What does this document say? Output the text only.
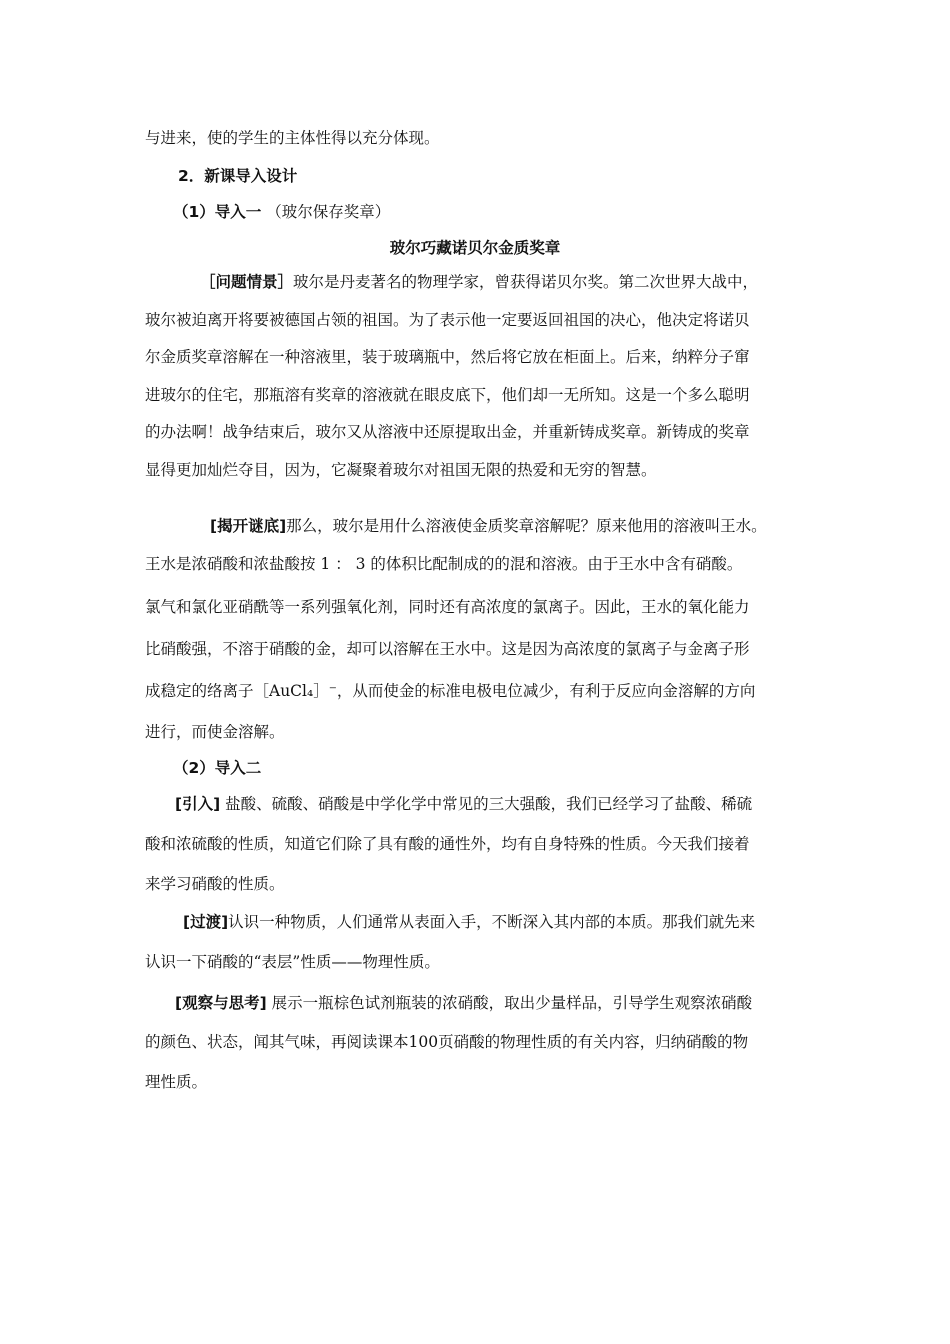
与进来，使的学生的主体性得以充分体现。
2．新课导入设计
（1）导入一 （玻尔保存奖章）
玻尔巧藏诺贝尔金质奖章
［问题情景］玻尔是丹麦著名的物理学家，曾获得诺贝尔奖。第二次世界大战中，
玻尔被迫离开将要被德国占领的祖国。为了表示他一定要返回祖国的决心，他决定将诺贝
尔金质奖章溶解在一种溶液里，装于玻璃瓶中，然后将它放在柜面上。后来，纳粹分子窜
进玻尔的住宅，那瓶溶有奖章的溶液就在眼皮底下，他们却一无所知。这是一个多么聪明
的办法啊！战争结束后，玻尔又从溶液中还原提取出金，并重新铸成奖章。新铸成的奖章
显得更加灿烂夺目，因为，它凝聚着玻尔对祖国无限的热爱和无穷的智慧。
[揭开谜底]那么，玻尔是用什么溶液使金质奖章溶解呢？原来他用的溶液叫王水。
王水是浓硝酸和浓盐酸按 1 ： 3 的体积比配制成的的混和溶液。由于王水中含有硝酸。
氯气和氯化亚硝酰等一系列强氧化剂，同时还有高浓度的氯离子。因此，王水的氧化能力
比硝酸强，不溶于硝酸的金，却可以溶解在王水中。这是因为高浓度的氯离子与金离子形
成稳定的络离子［AuCl₄］⁻，从而使金的标准电极电位减少，有利于反应向金溶解的方向
进行，而使金溶解。
（2）导入二
[引入] 盐酸、硫酸、硝酸是中学化学中常见的三大强酸，我们已经学习了盐酸、稀硫
酸和浓硫酸的性质，知道它们除了具有酸的通性外，均有自身特殊的性质。今天我们接着
来学习硝酸的性质。
[过渡]认识一种物质，人们通常从表面入手，不断深入其内部的本质。那我们就先来
认识一下硝酸的“表层”性质——物理性质。
[观察与思考] 展示一瓶棕色试剂瓶装的浓硝酸，取出少量样品，引导学生观察浓硝酸
的颜色、状态，闻其气味，再阅读课本100页硝酸的物理性质的有关内容，归纳硝酸的物
理性质。
